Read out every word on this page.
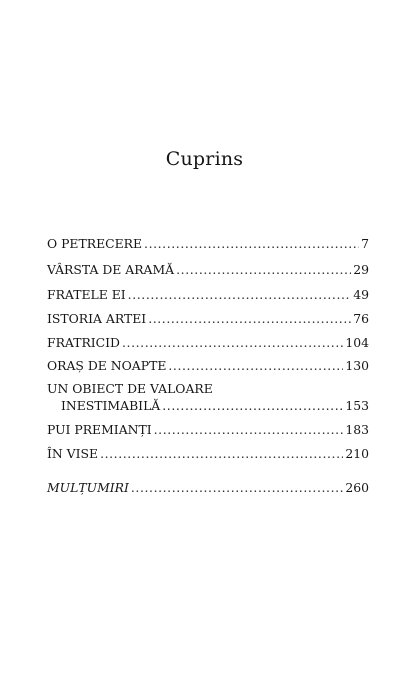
Cuprins
O PETRECERE .....	7
VÂRSTA DE ARAMĂ .....	29
FRATELE EI .....	49
ISTORIA ARTEI .....	76
FRATRICID .....	104
ORAȘ DE NOAPTE .....	130
UN OBIECT DE VALOARE
INESTIMABILĂ .....	153
PUI PREMIANȚI .....	183
ÎN VISE .....	210
MULȚUMIRI .....	260
